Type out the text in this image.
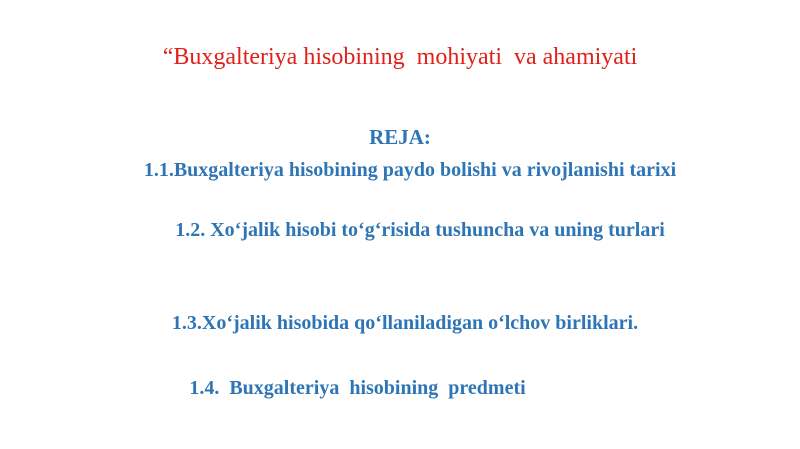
“Buxgalteriya hisobining  mohiyati  va ahamiyati
REJA:
1.1.Buxgalteriya hisobining paydo bolishi va rivojlanishi tarixi
1.2. Xo‘jalik hisobi to‘g‘risida tushuncha va uning turlari
1.3.Xo‘jalik hisobida qo‘llaniladigan o‘lchov birliklari.
1.4.  Buxgalteriya  hisobining  predmeti
